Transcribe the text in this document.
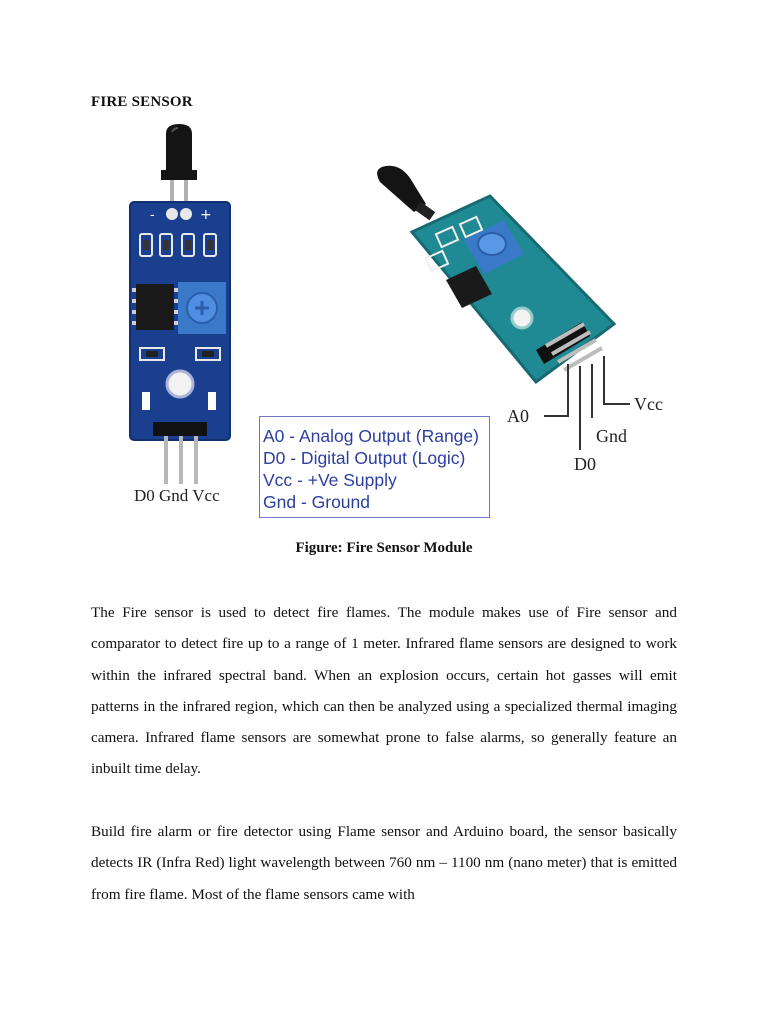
FIRE SENSOR
-	+
D0 Gnd Vcc
A0
D0
Gnd
Vcc
A0 - Analog Output (Range)
D0 - Digital Output (Logic)
Vcc - +Ve Supply
Gnd - Ground
Figure: Fire Sensor Module
The Fire sensor is used to detect fire flames. The module makes use of Fire sensor and comparator to detect fire up to a range of 1 meter. Infrared flame sensors are designed to work within the infrared spectral band. When an explosion occurs, certain hot gasses will emit patterns in the infrared region, which can then be analyzed using a specialized thermal imaging camera. Infrared flame sensors are somewhat prone to false alarms, so generally feature an inbuilt time delay.
Build fire alarm or fire detector using Flame sensor and Arduino board, the sensor basically detects IR (Infra Red) light wavelength between 760 nm – 1100 nm (nano meter) that is emitted from fire flame. Most of the flame sensors came with
